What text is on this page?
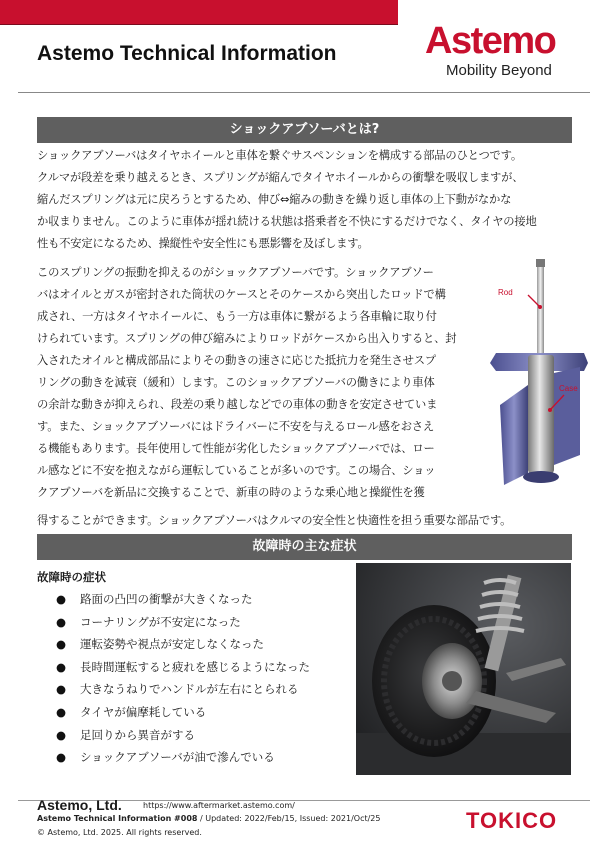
Astemo Technical Information Astemo
Mobility Beyond
ショックアブソーバとは?

ショックアブソーバはタイヤホイールと車体を繋ぐサスペンションを構成する部品のひとつです。

クルマが段差を乗り越えるとき、スプリングが縮んでタイヤホイールからの衝撃を吸収しますが、

縮んだスプリングは元に戻ろうとするため、伸び⇔縮みの動きを繰り返し車体の上下動がなかな

か収まりません。このように車体が揺れ続ける状態は搭乗者を不快にするだけでなく、タイヤの接地

性も不安定になるため、操縦性や安全性にも悪影響を及ぼします。

このスプリングの振動を抑えるのがショックアブソーバです。ショックアブソー

バはオイルとガスが密封された筒状のケースとそのケースから突出したロッドで構

成され、一方はタイヤホイールに、もう一方は車体に繋がるよう各車輪に取り付

けられています。スプリングの伸び縮みによりロッドがケースから出入りすると、封

入されたオイルと構成部品によりその動きの速さに応じた抵抗力を発生させスプ

リングの動きを減衰（緩和）します。このショックアブソーバの働きにより車体

の余計な動きが抑えられ、段差の乗り越しなどでの車体の動きを安定させていま

す。また、ショックアブソーバにはドライバーに不安を与えるロール感をおさえ

る機能もあります。長年使用して性能が劣化したショックアブソーバでは、ロー

ル感などに不安を抱えながら運転していることが多いのです。この場合、ショッ

クアブソーバを新品に交換することで、新車の時のような乗心地と操縦性を獲

得することができます。ショックアブソーバはクルマの安全性と快適性を担う重要な部品です。
Rod
Case
故障時の主な症状
故障時の症状
● 路面の凸凹の衝撃が大きくなった
● コーナリングが不安定になった
● 運転姿勢や視点が安定しなくなった
● 長時間運転すると疲れを感じるようになった
● 大きなうねりでハンドルが左右にとられる
● タイヤが偏摩耗している
● 足回りから異音がする
● ショックアブソーバが油で滲んでいる
Astemo, Ltd.	https://www.aftermarket.astemo.com/
Astemo Technical Information #008 / Updated: 2022/Feb/15, Issued: 2021/Oct/25
© Astemo, Ltd. 2025. All rights reserved.	TOKICO
